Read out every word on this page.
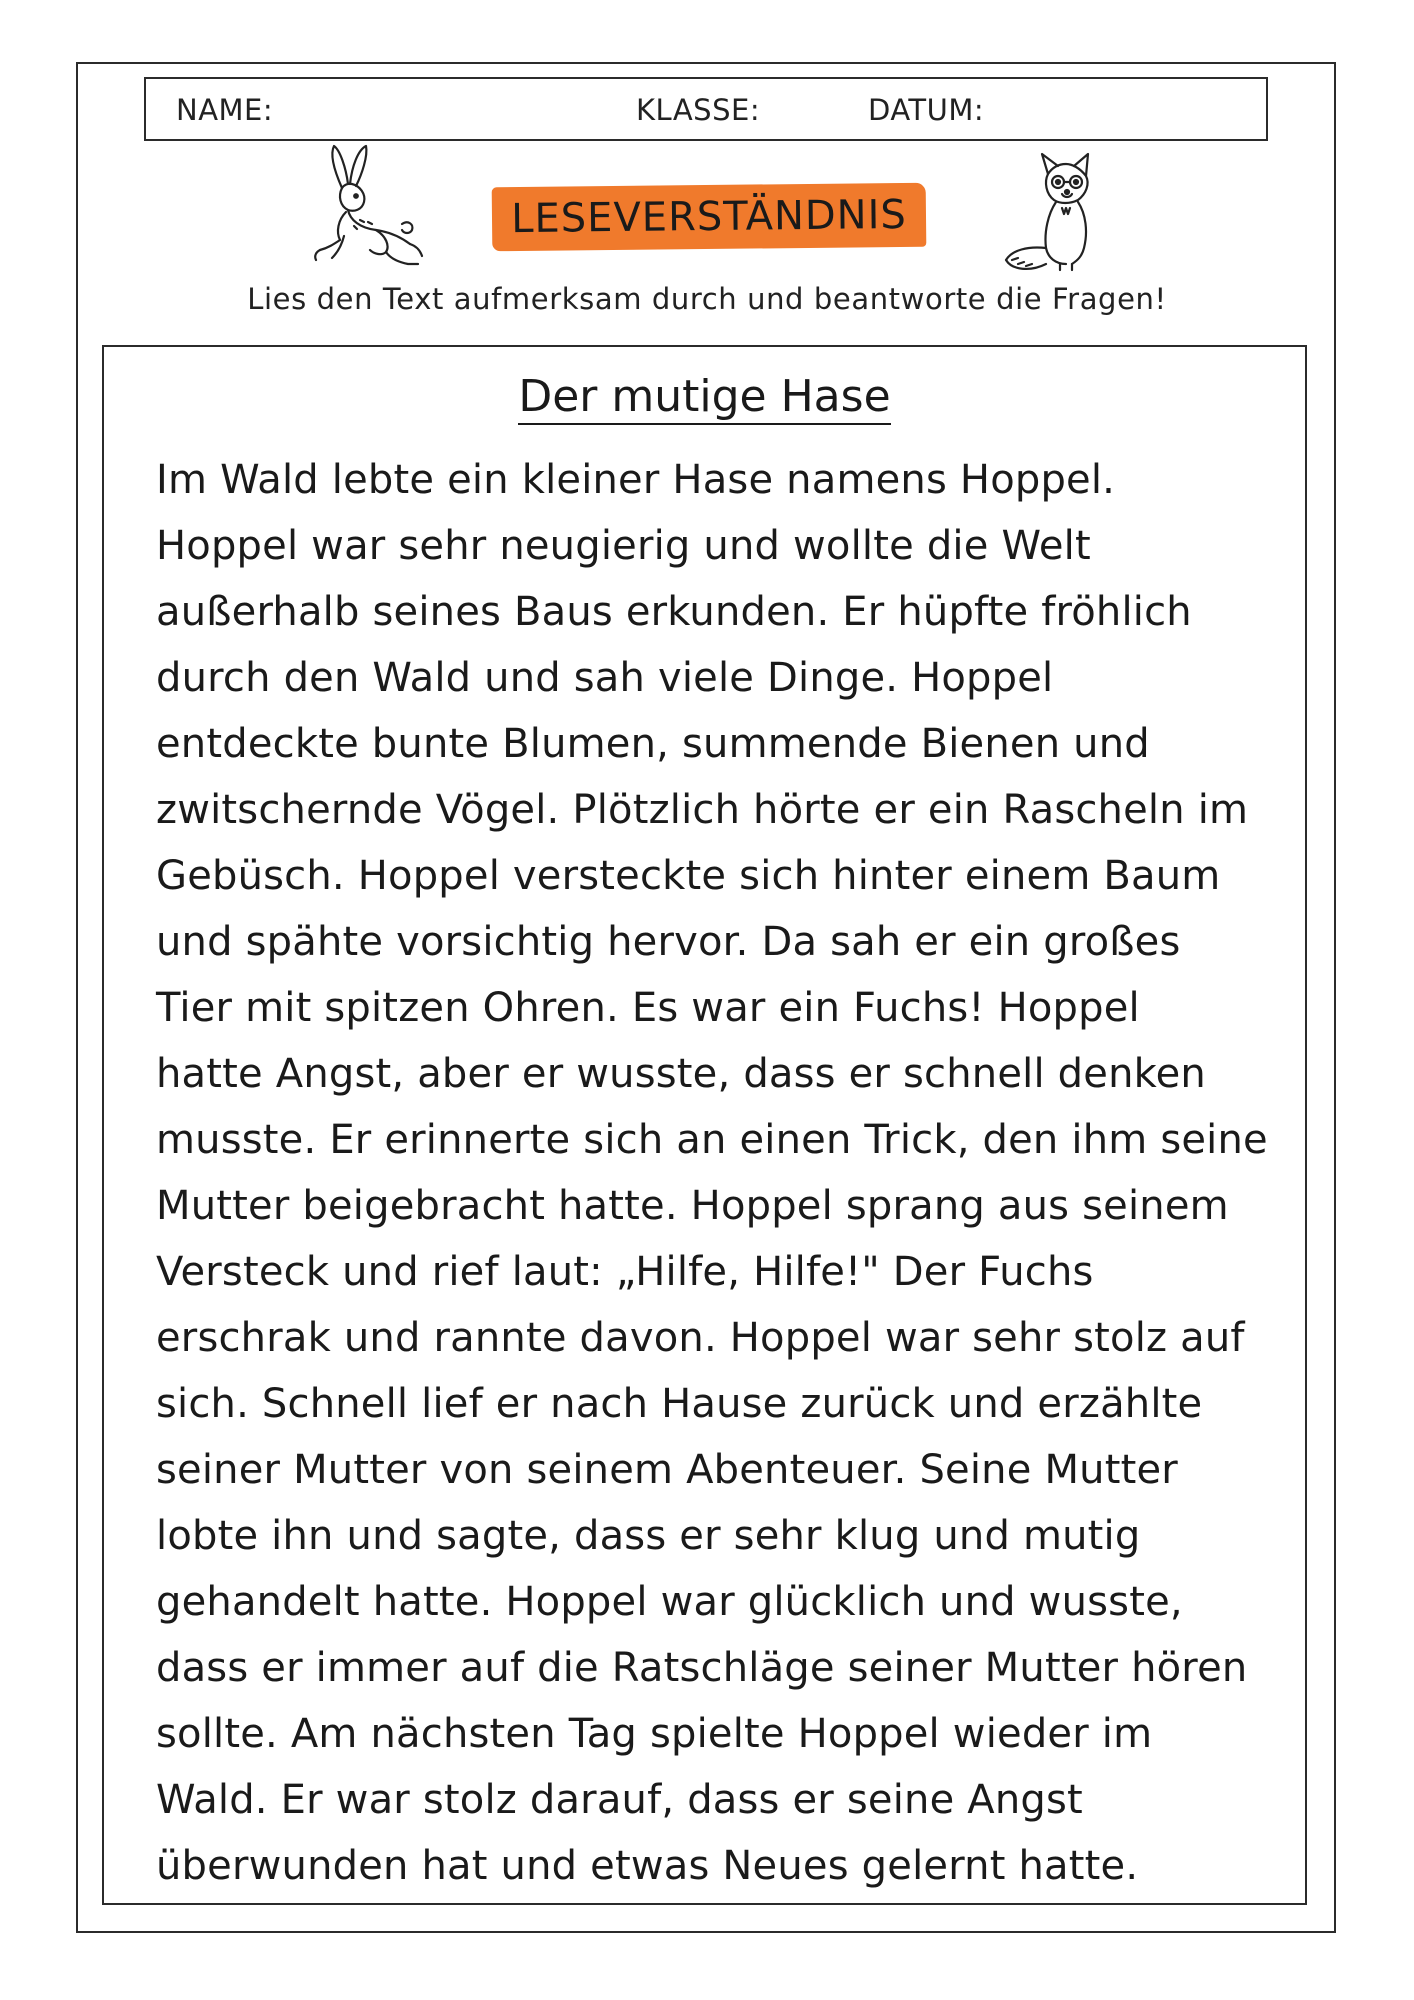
NAME:	KLASSE:	DATUM:
LESEVERSTÄNDNIS
Lies den Text aufmerksam durch und beantworte die Fragen!
Der mutige Hase
Im Wald lebte ein kleiner Hase namens Hoppel.
Hoppel war sehr neugierig und wollte die Welt
außerhalb seines Baus erkunden. Er hüpfte fröhlich
durch den Wald und sah viele Dinge. Hoppel
entdeckte bunte Blumen, summende Bienen und
zwitschernde Vögel. Plötzlich hörte er ein Rascheln im
Gebüsch. Hoppel versteckte sich hinter einem Baum
und spähte vorsichtig hervor. Da sah er ein großes
Tier mit spitzen Ohren. Es war ein Fuchs! Hoppel
hatte Angst, aber er wusste, dass er schnell denken
musste. Er erinnerte sich an einen Trick, den ihm seine
Mutter beigebracht hatte. Hoppel sprang aus seinem
Versteck und rief laut: „Hilfe, Hilfe!" Der Fuchs
erschrak und rannte davon. Hoppel war sehr stolz auf
sich. Schnell lief er nach Hause zurück und erzählte
seiner Mutter von seinem Abenteuer. Seine Mutter
lobte ihn und sagte, dass er sehr klug und mutig
gehandelt hatte. Hoppel war glücklich und wusste,
dass er immer auf die Ratschläge seiner Mutter hören
sollte. Am nächsten Tag spielte Hoppel wieder im
Wald. Er war stolz darauf, dass er seine Angst
überwunden hat und etwas Neues gelernt hatte.
